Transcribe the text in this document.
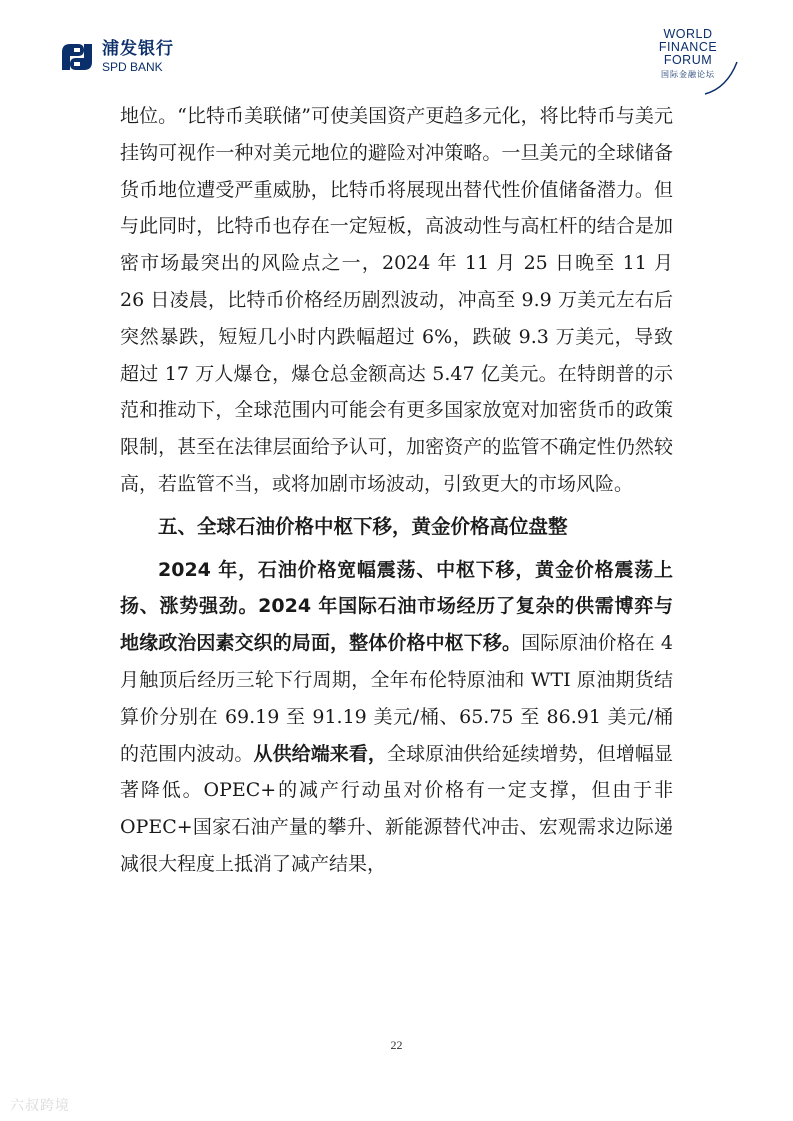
浦发银行
SPD BANK
WORLD
FINANCE
FORUM
国际金融论坛

地位。“比特币美联储”可使美国资产更趋多元化，将比特币与美元挂钩可视作一种对美元地位的避险对冲策略。一旦美元的全球储备货币地位遭受严重威胁，比特币将展现出替代性价值储备潜力。但与此同时，比特币也存在一定短板，高波动性与高杠杆的结合是加密市场最突出的风险点之一，2024 年 11 月 25 日晚至 11 月 26 日凌晨，比特币价格经历剧烈波动，冲高至 9.9 万美元左右后突然暴跌，短短几小时内跌幅超过 6%，跌破 9.3 万美元，导致超过 17 万人爆仓，爆仓总金额高达 5.47 亿美元。在特朗普的示范和推动下，全球范围内可能会有更多国家放宽对加密货币的政策限制，甚至在法律层面给予认可，加密资产的监管不确定性仍然较高，若监管不当，或将加剧市场波动，引致更大的市场风险。

五、全球石油价格中枢下移，黄金价格高位盘整

2024 年，石油价格宽幅震荡、中枢下移，黄金价格震荡上扬、涨势强劲。2024 年国际石油市场经历了复杂的供需博弈与地缘政治因素交织的局面，整体价格中枢下移。国际原油价格在 4 月触顶后经历三轮下行周期，全年布伦特原油和 WTI 原油期货结算价分别在 69.19 至 91.19 美元/桶、65.75 至 86.91 美元/桶的范围内波动。从供给端来看，全球原油供给延续增势，但增幅显著降低。OPEC+的减产行动虽对价格有一定支撑，但由于非 OPEC+国家石油产量的攀升、新能源替代冲击、宏观需求边际递减很大程度上抵消了减产结果，

22
六叔跨境
